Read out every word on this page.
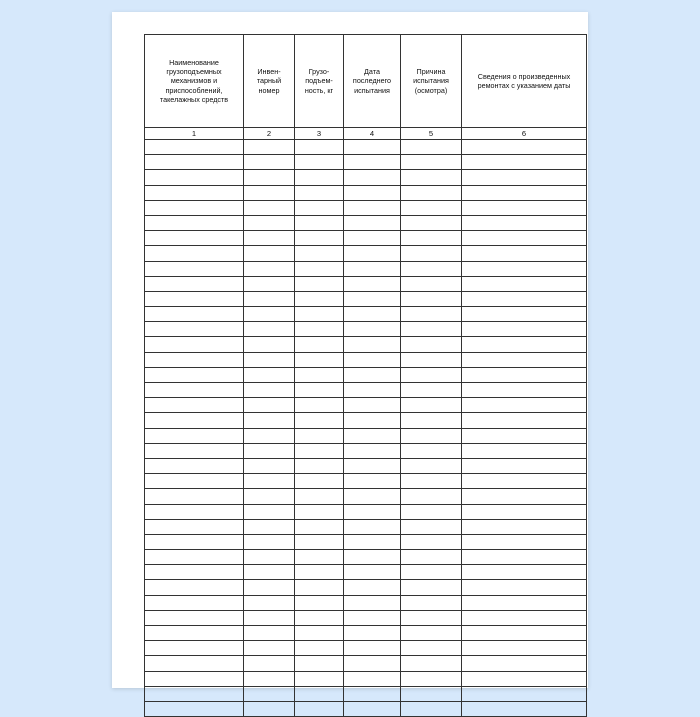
Наименование грузоподъемных механизмов и приспособлений, такелажных средств	Инвен-тарный номер	Грузо-подъем-ность, кг	Дата последнего испытания	Причина испытания (осмотра)	Сведения о произведенных ремонтах с указанием даты
1	2	3	4	5	6
